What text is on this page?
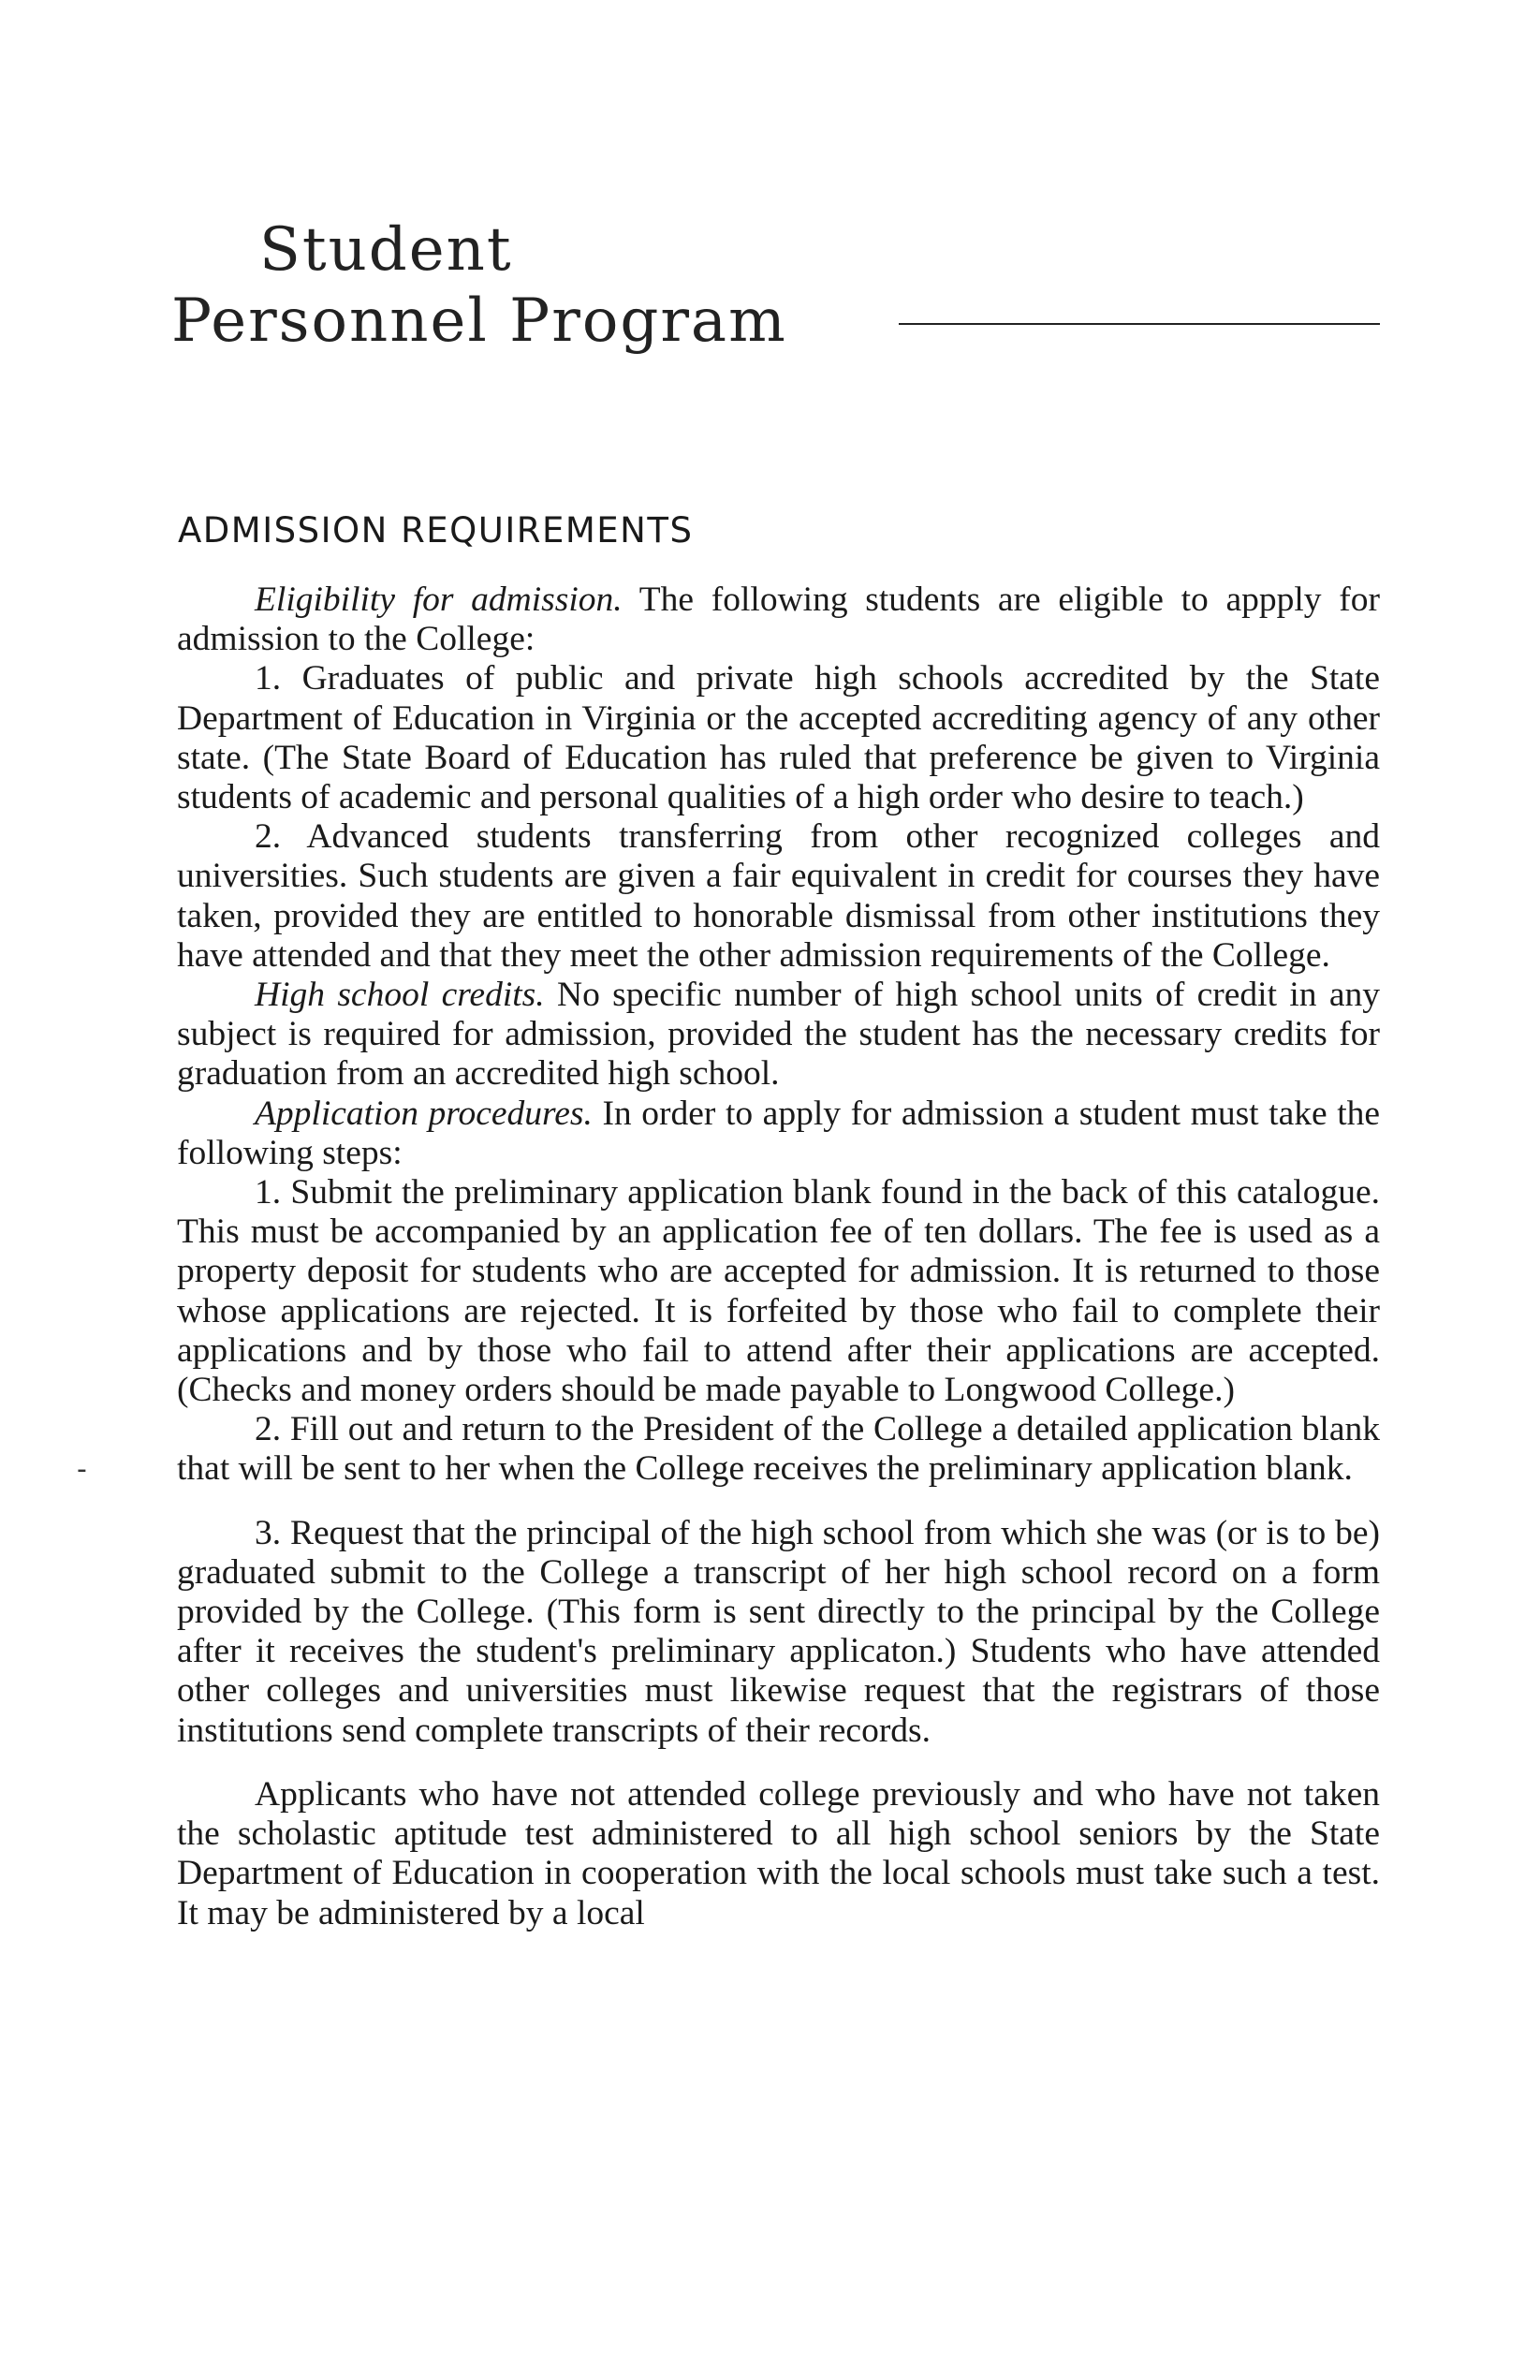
Student
Personnel Program
ADMISSION REQUIREMENTS
-

Eligibility for admission. The following students are eligible to appply for admission to the College:

1. Graduates of public and private high schools accredited by the State Department of Education in Virginia or the accepted accrediting agency of any other state. (The State Board of Education has ruled that preference be given to Virginia students of academic and personal qualities of a high order who desire to teach.)

2. Advanced students transferring from other recognized colleges and universities. Such students are given a fair equivalent in credit for courses they have taken, provided they are entitled to honorable dismissal from other institutions they have attended and that they meet the other admission requirements of the College.

High school credits. No specific number of high school units of credit in any subject is required for admission, provided the student has the necessary credits for graduation from an accredited high school.

Application procedures. In order to apply for admission a student must take the following steps:

1. Submit the preliminary application blank found in the back of this catalogue. This must be accompanied by an application fee of ten dollars. The fee is used as a property deposit for students who are accepted for admission. It is returned to those whose applications are rejected. It is forfeited by those who fail to complete their applications and by those who fail to attend after their applications are accepted. (Checks and money orders should be made payable to Longwood College.)

2. Fill out and return to the President of the College a detailed application blank that will be sent to her when the College receives the preliminary application blank.

3. Request that the principal of the high school from which she was (or is to be) graduated submit to the College a transcript of her high school record on a form provided by the College. (This form is sent directly to the principal by the College after it receives the student's preliminary applicaton.) Students who have attended other colleges and universities must likewise request that the registrars of those institutions send complete transcripts of their records.

Applicants who have not attended college previously and who have not taken the scholastic aptitude test administered to all high school seniors by the State Department of Education in cooperation with the local schools must take such a test. It may be administered by a local
